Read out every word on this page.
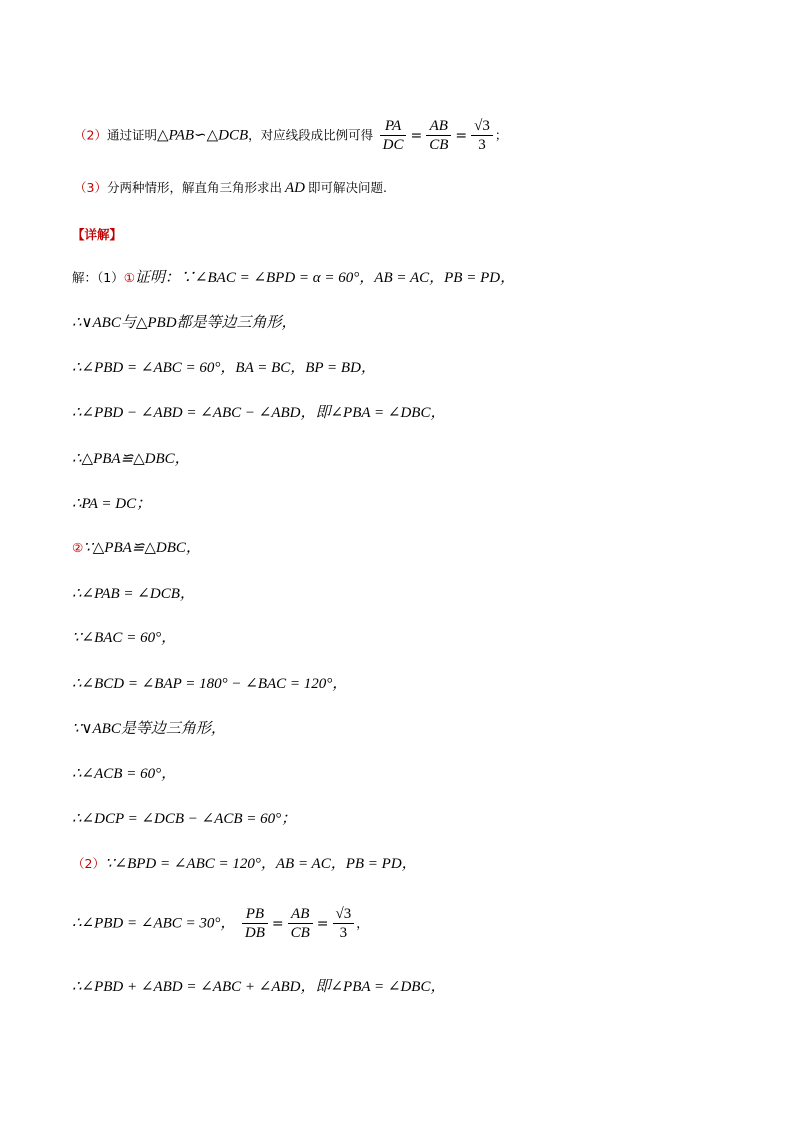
（2）通过证明△PAB∽△DCB，对应线段成比例可得 $\frac{PA}{DC} = \frac{AB}{CB} = \frac{√3}{3}$ ；
（3）分两种情形，解直角三角形求出 AD 即可解决问题.
【详解】
解：（1）①证明：∵∠BAC = ∠BPD = α = 60°，AB = AC，PB = PD，
∴∨ABC与△PBD都是等边三角形，
∴∠PBD = ∠ABC = 60°，BA = BC，BP = BD，
∴∠PBD − ∠ABD = ∠ABC − ∠ABD，即∠PBA = ∠DBC，
∴△PBA≌△DBC，
∴PA = DC；
②∵△PBA≌△DBC，
∴∠PAB = ∠DCB，
∵∠BAC = 60°，
∴∠BCD = ∠BAP = 180° − ∠BAC = 120°，
∵∨ABC是等边三角形，
∴∠ACB = 60°，
∴∠DCP = ∠DCB − ∠ACB = 60°；
（2）∵∠BPD = ∠ABC = 120°，AB = AC，PB = PD，
∴∠PBD = ∠ABC = 30°， $\frac{PB}{DB} = \frac{AB}{CB} = \frac{√3}{3}$ ，
∴∠PBD + ∠ABD = ∠ABC + ∠ABD，即∠PBA = ∠DBC，
